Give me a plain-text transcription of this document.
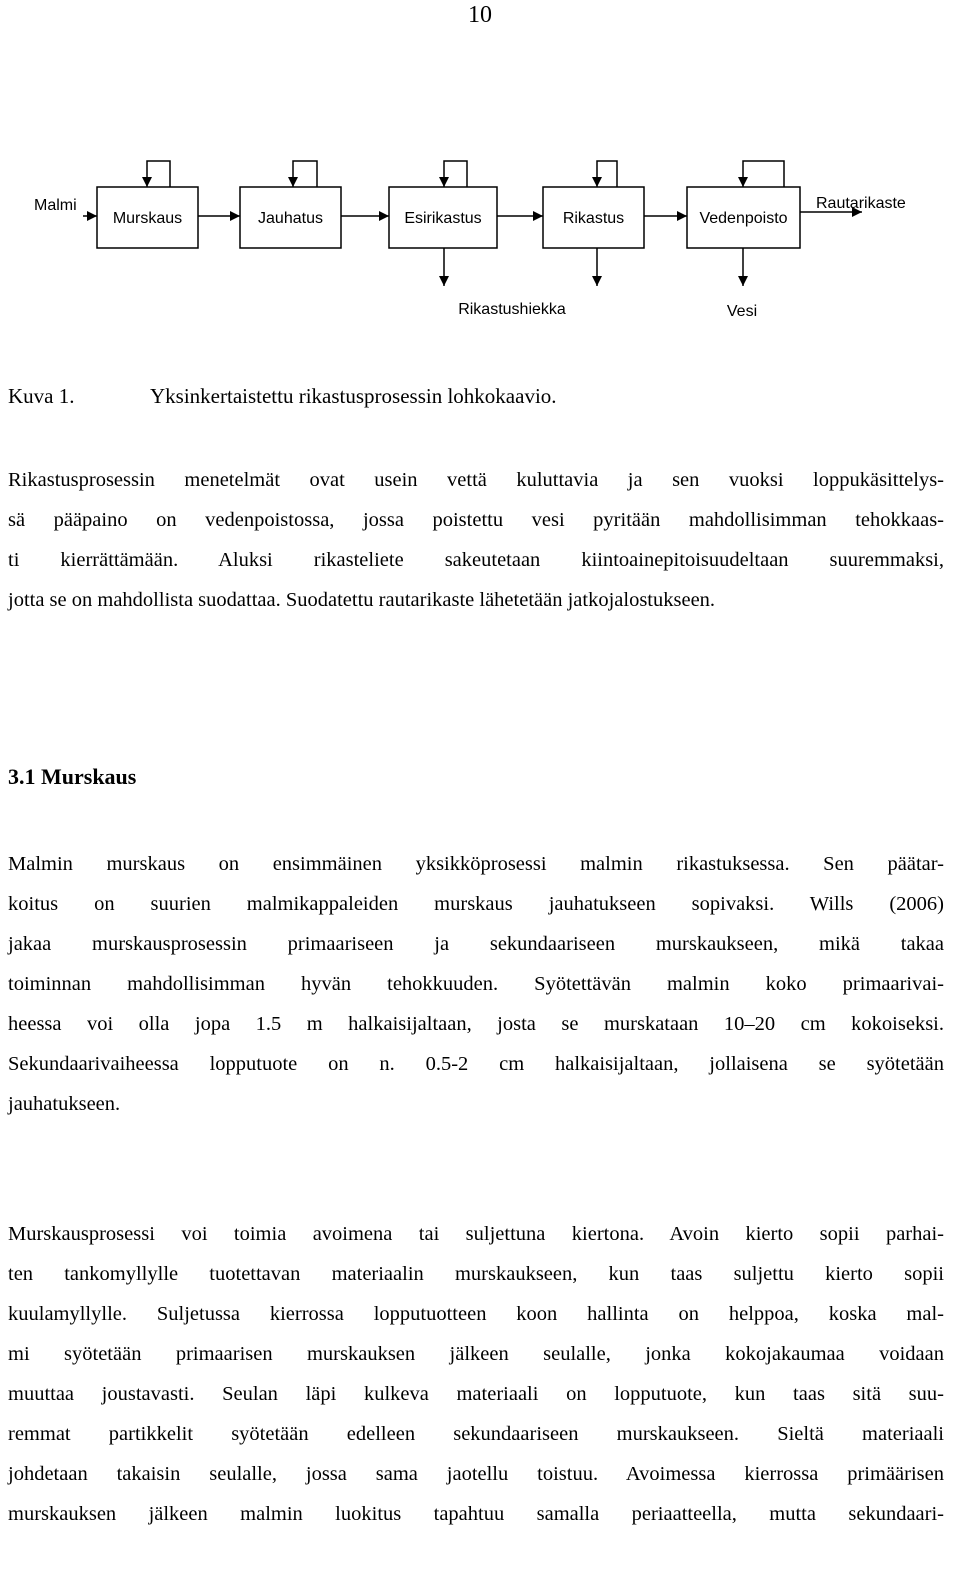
10
Malmi
Murskaus	Jauhatus	Esirikastus	Rikastus	Vedenpoisto
Rautarikaste
Rikastushiekka	Vesi
Kuva 1.	Yksinkertaistettu rikastusprosessin lohkokaavio.
Rikastusprosessin menetelmät ovat usein vettä kuluttavia ja sen vuoksi loppukäsittelys-
sä pääpaino on vedenpoistossa, jossa poistettu vesi pyritään mahdollisimman tehokkaas-
ti kierrättämään. Aluksi rikasteliete sakeutetaan kiintoainepitoisuudeltaan suuremmaksi,
jotta se on mahdollista suodattaa. Suodatettu rautarikaste lähetetään jatkojalostukseen.
3.1 Murskaus
Malmin murskaus on ensimmäinen yksikköprosessi malmin rikastuksessa. Sen päätar-
koitus on suurien malmikappaleiden murskaus jauhatukseen sopivaksi. Wills (2006)
jakaa murskausprosessin primaariseen ja sekundaariseen murskaukseen, mikä takaa
toiminnan mahdollisimman hyvän tehokkuuden. Syötettävän malmin koko primaarivai-
heessa voi olla jopa 1.5 m halkaisijaltaan, josta se murskataan 10–20 cm kokoiseksi.
Sekundaarivaiheessa lopputuote on n. 0.5-2 cm halkaisijaltaan, jollaisena se syötetään
jauhatukseen.
Murskausprosessi voi toimia avoimena tai suljettuna kiertona. Avoin kierto sopii parhai-
ten tankomyllylle tuotettavan materiaalin murskaukseen, kun taas suljettu kierto sopii
kuulamyllylle. Suljetussa kierrossa lopputuotteen koon hallinta on helppoa, koska mal-
mi syötetään primaarisen murskauksen jälkeen seulalle, jonka kokojakaumaa voidaan
muuttaa joustavasti. Seulan läpi kulkeva materiaali on lopputuote, kun taas sitä suu-
remmat partikkelit syötetään edelleen sekundaariseen murskaukseen. Sieltä materiaali
johdetaan takaisin seulalle, jossa sama jaotellu toistuu. Avoimessa kierrossa primäärisen
murskauksen jälkeen malmin luokitus tapahtuu samalla periaatteella, mutta sekundaari-
